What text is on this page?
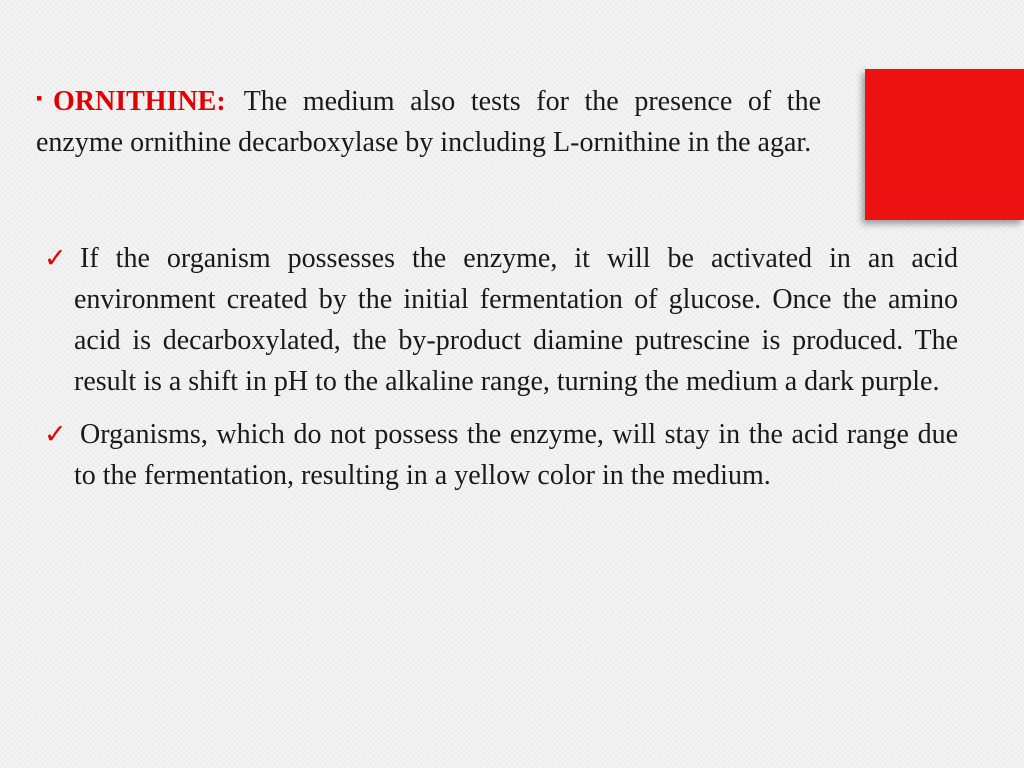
▪ORNITHINE: The medium also tests for the presence of the enzyme ornithine decarboxylase by including L-ornithine in the agar.

✓ If the organism possesses the enzyme, it will be activated in an acid environment created by the initial fermentation of glucose. Once the amino acid is decarboxylated, the by-product diamine putrescine is produced. The result is a shift in pH to the alkaline range, turning the medium a dark purple.
✓ Organisms, which do not possess the enzyme, will stay in the acid range due to the fermentation, resulting in a yellow color in the medium.
